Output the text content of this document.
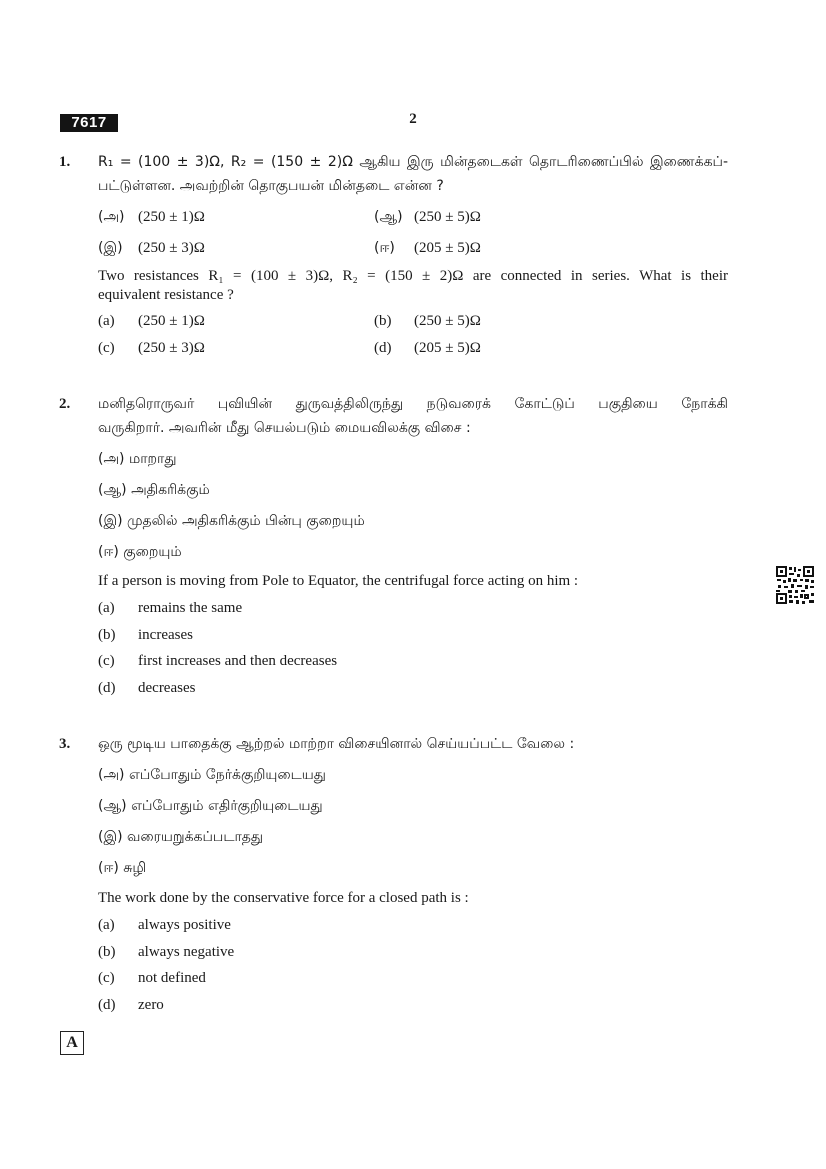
7617	2
1. R₁ = (100 ± 3)Ω, R₂ = (150 ± 2)Ω ஆகிய இரு மின்தடைகள் தொடரிணைப்பில் இணைக்கப்-
பட்டுள்ளன. அவற்றின் தொகுபயன் மின்தடை என்ன ?
(அ) (250 ± 1)Ω	(ஆ) (250 ± 5)Ω
(இ) (250 ± 3)Ω	(ஈ) (205 ± 5)Ω
Two resistances R₁ = (100 ± 3)Ω, R₂ = (150 ± 2)Ω are connected in series. What is their
equivalent resistance ?
(a) (250 ± 1)Ω	(b) (250 ± 5)Ω
(c) (250 ± 3)Ω	(d) (205 ± 5)Ω
2. மனிதரொருவர் புவியின் துருவத்திலிருந்து நடுவரைக் கோட்டுப் பகுதியை நோக்கி
வருகிறார். அவரின் மீது செயல்படும் மையவிலக்கு விசை :
(அ) மாறாது
(ஆ) அதிகரிக்கும்
(இ) முதலில் அதிகரிக்கும் பின்பு குறையும்
(ஈ) குறையும்
If a person is moving from Pole to Equator, the centrifugal force acting on him :
(a) remains the same
(b) increases
(c) first increases and then decreases
(d) decreases
3. ஒரு மூடிய பாதைக்கு ஆற்றல் மாற்றா விசையினால் செய்யப்பட்ட வேலை :
(அ) எப்போதும் நேர்க்குறியுடையது
(ஆ) எப்போதும் எதிர்குறியுடையது
(இ) வரையறுக்கப்படாதது
(ஈ) சுழி
The work done by the conservative force for a closed path is :
(a) always positive
(b) always negative
(c) not defined
(d) zero
A
